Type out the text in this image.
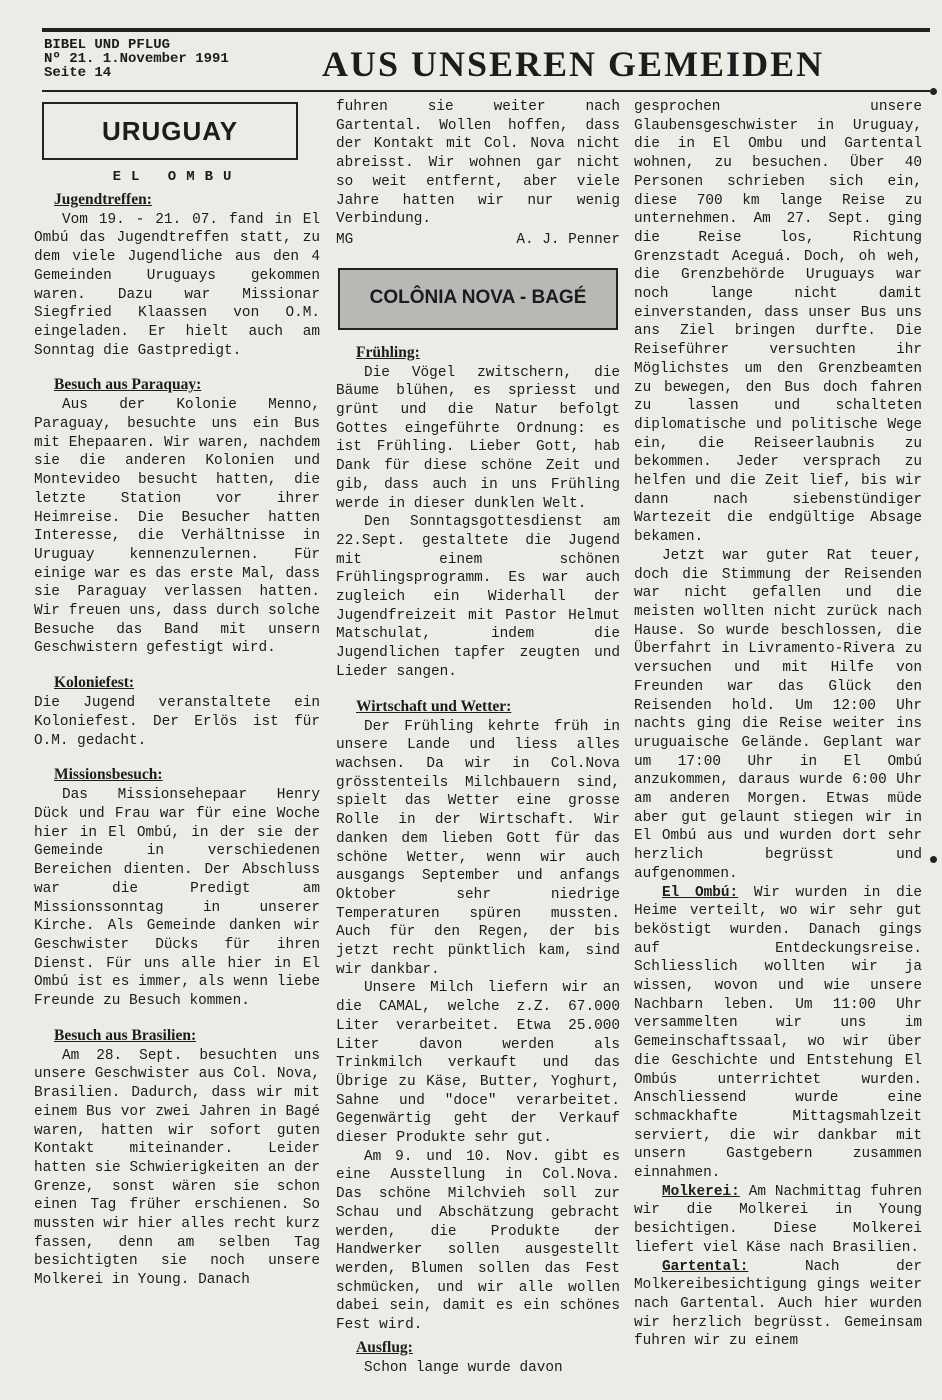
BIBEL UND PFLUG
Nº 21. 1.November 1991
Seite 14	AUS UNSEREN GEMEIDEN
URUGUAY
EL OMBU
Jugendtreffen:

Vom 19. - 21. 07. fand in El Ombú das Jugendtreffen statt, zu dem viele Jugendliche aus den 4 Gemeinden Uruguays gekommen waren. Dazu war Missionar Siegfried Klaassen von O.M. eingeladen. Er hielt auch am Sonntag die Gastpredigt.

Besuch aus Paraquay:

Aus der Kolonie Menno, Paraguay, besuchte uns ein Bus mit Ehepaaren. Wir waren, nachdem sie die anderen Kolonien und Montevideo besucht hatten, die letzte Station vor ihrer Heimreise. Die Besucher hatten Interesse, die Verhältnisse in Uruguay kennenzulernen. Für einige war es das erste Mal, dass sie Paraguay verlassen hatten. Wir freuen uns, dass durch solche Besuche das Band mit unsern Geschwistern gefestigt wird.

Koloniefest:

Die Jugend veranstaltete ein Koloniefest. Der Erlös ist für O.M. gedacht.

Missionsbesuch:

Das Missionsehepaar Henry Dück und Frau war für eine Woche hier in El Ombú, in der sie der Gemeinde in verschiedenen Bereichen dienten. Der Abschluss war die Predigt am Missionssonntag in unserer Kirche. Als Gemeinde danken wir Geschwister Dücks für ihren Dienst. Für uns alle hier in El Ombú ist es immer, als wenn liebe Freunde zu Besuch kommen.

Besuch aus Brasilien:

Am 28. Sept. besuchten uns unsere Geschwister aus Col. Nova, Brasilien. Dadurch, dass wir mit einem Bus vor zwei Jahren in Bagé waren, hatten wir sofort guten Kontakt miteinander. Leider hatten sie Schwierigkeiten an der Grenze, sonst wären sie schon einen Tag früher erschienen. So mussten wir hier alles recht kurz fassen, denn am selben Tag besichtigten sie noch unsere Molkerei in Young. Danach

fuhren sie weiter nach Gartental. Wollen hoffen, dass der Kontakt mit Col. Nova nicht abreisst. Wir wohnen gar nicht so weit entfernt, aber viele Jahre hatten wir nur wenig Verbindung.

MG	A. J. Penner
COLÔNIA NOVA - BAGÉ
Frühling:

Die Vögel zwitschern, die Bäume blühen, es spriesst und grünt und die Natur befolgt Gottes eingeführte Ordnung: es ist Frühling. Lieber Gott, hab Dank für diese schöne Zeit und gib, dass auch in uns Frühling werde in dieser dunklen Welt.

Den Sonntagsgottesdienst am 22.Sept. gestaltete die Jugend mit einem schönen Frühlingsprogramm. Es war auch zugleich ein Widerhall der Jugendfreizeit mit Pastor Helmut Matschulat, indem die Jugendlichen tapfer zeugten und Lieder sangen.

Wirtschaft und Wetter:

Der Frühling kehrte früh in unsere Lande und liess alles wachsen. Da wir in Col.Nova grösstenteils Milchbauern sind, spielt das Wetter eine grosse Rolle in der Wirtschaft. Wir danken dem lieben Gott für das schöne Wetter, wenn wir auch ausgangs September und anfangs Oktober sehr niedrige Temperaturen spüren mussten. Auch für den Regen, der bis jetzt recht pünktlich kam, sind wir dankbar.

Unsere Milch liefern wir an die CAMAL, welche z.Z. 67.000 Liter verarbeitet. Etwa 25.000 Liter davon werden als Trinkmilch verkauft und das Übrige zu Käse, Butter, Yoghurt, Sahne und "doce" verarbeitet. Gegenwärtig geht der Verkauf dieser Produkte sehr gut.

Am 9. und 10. Nov. gibt es eine Ausstellung in Col.Nova. Das schöne Milchvieh soll zur Schau und Abschätzung gebracht werden, die Produkte der Handwerker sollen ausgestellt werden, Blumen sollen das Fest schmücken, und wir alle wollen dabei sein, damit es ein schönes Fest wird.

Ausflug:

Schon lange wurde davon

gesprochen unsere Glaubensgeschwister in Uruguay, die in El Ombu und Gartental wohnen, zu besuchen. Über 40 Personen schrieben sich ein, diese 700 km lange Reise zu unternehmen. Am 27. Sept. ging die Reise los, Richtung Grenzstadt Aceguá. Doch, oh weh, die Grenzbehörde Uruguays war noch lange nicht damit einverstanden, dass unser Bus uns ans Ziel bringen durfte. Die Reiseführer versuchten ihr Möglichstes um den Grenzbeamten zu bewegen, den Bus doch fahren zu lassen und schalteten diplomatische und politische Wege ein, die Reiseerlaubnis zu bekommen. Jeder versprach zu helfen und die Zeit lief, bis wir dann nach siebenstündiger Wartezeit die endgültige Absage bekamen.

Jetzt war guter Rat teuer, doch die Stimmung der Reisenden war nicht gefallen und die meisten wollten nicht zurück nach Hause. So wurde beschlossen, die Überfahrt in Livramento-Rivera zu versuchen und mit Hilfe von Freunden war das Glück den Reisenden hold. Um 12:00 Uhr nachts ging die Reise weiter ins uruguaische Gelände. Geplant war um 17:00 Uhr in El Ombú anzukommen, daraus wurde 6:00 Uhr am anderen Morgen. Etwas müde aber gut gelaunt stiegen wir in El Ombú aus und wurden dort sehr herzlich begrüsst und aufgenommen.

El Ombú: Wir wurden in die Heime verteilt, wo wir sehr gut beköstigt wurden. Danach gings auf Entdeckungsreise. Schliesslich wollten wir ja wissen, wovon und wie unsere Nachbarn leben. Um 11:00 Uhr versammelten wir uns im Gemeinschaftssaal, wo wir über die Geschichte und Entstehung El Ombús unterrichtet wurden. Anschliessend wurde eine schmackhafte Mittagsmahlzeit serviert, die wir dankbar mit unsern Gastgebern zusammen einnahmen.

Molkerei: Am Nachmittag fuhren wir die Molkerei in Young besichtigen. Diese Molkerei liefert viel Käse nach Brasilien.

Gartental:	Nach der Molkereibesichtigung gings weiter nach Gartental. Auch hier wurden wir herzlich begrüsst. Gemeinsam fuhren wir zu einem
